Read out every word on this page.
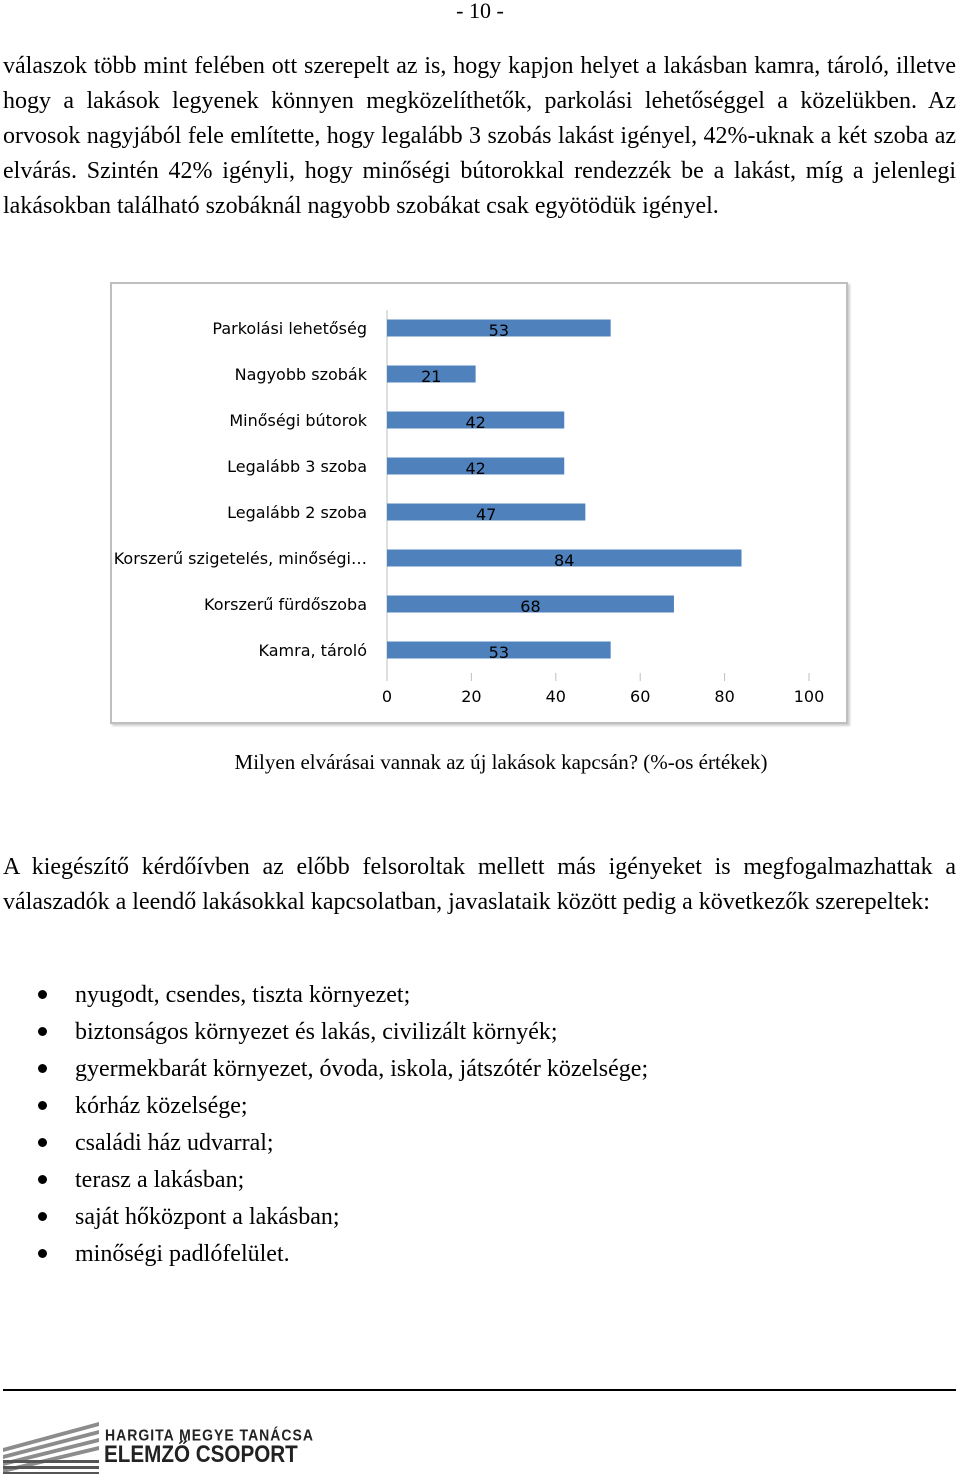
- 10 -

válaszok több mint felében ott szerepelt az is, hogy kapjon helyet a lakásban kamra, tároló, illetve hogy a lakások legyenek könnyen megközelíthetők, parkolási lehetőséggel a közelükben. Az orvosok nagyjából fele említette, hogy legalább 3 szobás lakást igényel, 42%-uknak a két szoba az elvárás. Szintén 42% igényli, hogy minőségi bútorokkal rendezzék be a lakást, míg a jelenlegi lakásokban található szobáknál nagyobb szobákat csak egyötödük igényel.

0	20	40	60	80	100
Parkolási lehetőség	53
Nagyobb szobák	21
Minőségi bútorok	42
Legalább 3 szoba	42
Legalább 2 szoba	47
Korszerű szigetelés, minőségi…	84
Korszerű fürdőszoba	68
Kamra, tároló	53
Milyen elvárásai vannak az új lakások kapcsán? (%-os értékek)

A kiegészítő kérdőívben az előbb felsoroltak mellett más igényeket is megfogalmazhattak a válaszadók a leendő lakásokkal kapcsolatban, javaslataik között pedig a következők szerepeltek:

nyugodt, csendes, tiszta környezet;
biztonságos környezet és lakás, civilizált környék;
gyermekbarát környezet, óvoda, iskola, játszótér közelsége;
kórház közelsége;
családi ház udvarral;
terasz a lakásban;
saját hőközpont a lakásban;
minőségi padlófelület.
HARGITA MEGYE TANÁCSA
ELEMZŐ CSOPORT
